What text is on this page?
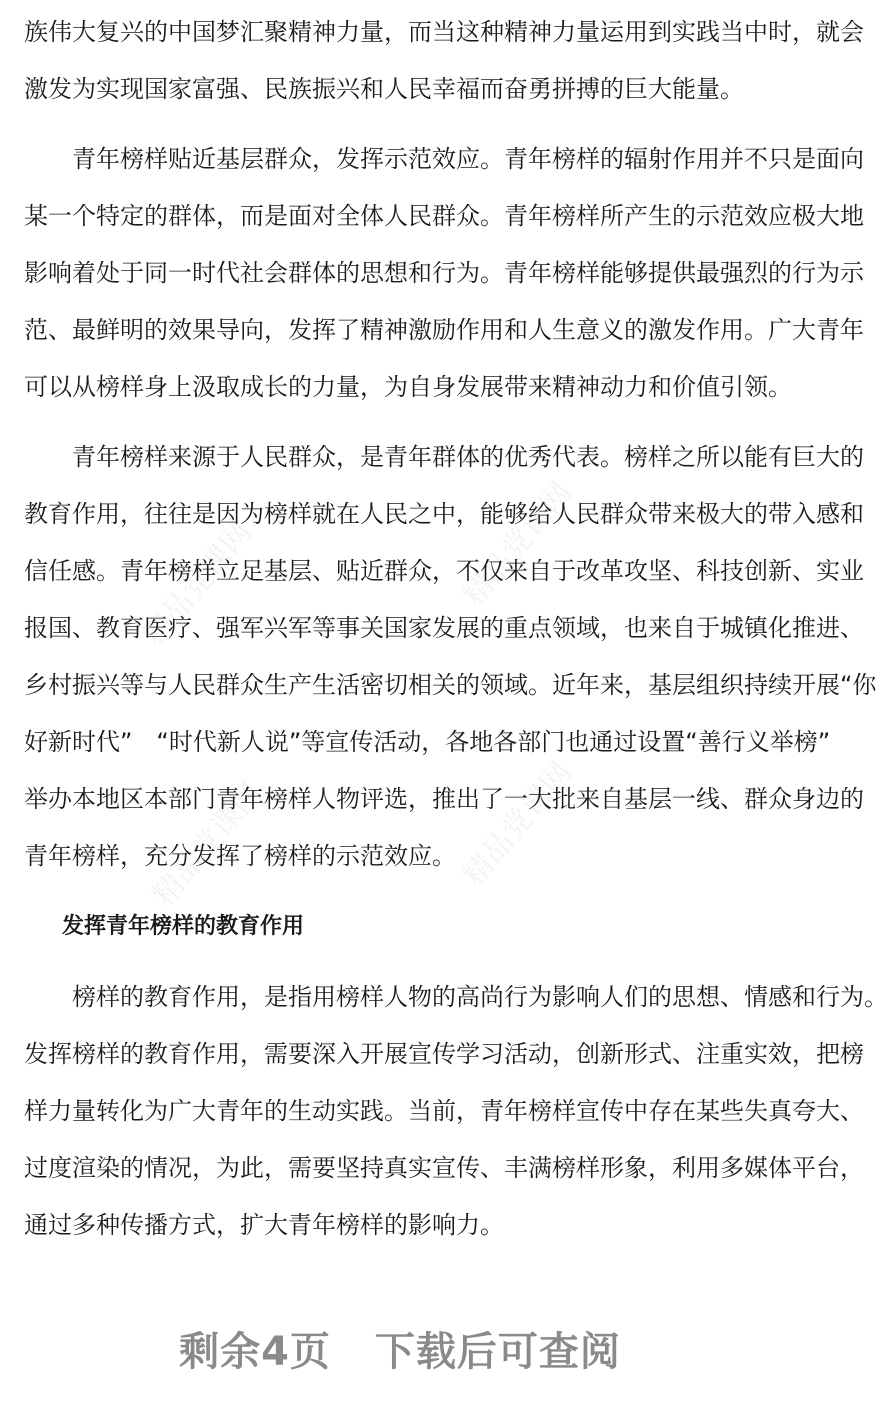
精品党课网	精品党课网
精品党课网	精品党课网
族伟大复兴的中国梦汇聚精神力量，而当这种精神力量运用到实践当中时，就会
激发为实现国家富强、民族振兴和人民幸福而奋勇拼搏的巨大能量。
青年榜样贴近基层群众，发挥示范效应。青年榜样的辐射作用并不只是面向
某一个特定的群体，而是面对全体人民群众。青年榜样所产生的示范效应极大地
影响着处于同一时代社会群体的思想和行为。青年榜样能够提供最强烈的行为示
范、最鲜明的效果导向，发挥了精神激励作用和人生意义的激发作用。广大青年
可以从榜样身上汲取成长的力量，为自身发展带来精神动力和价值引领。
青年榜样来源于人民群众，是青年群体的优秀代表。榜样之所以能有巨大的
教育作用，往往是因为榜样就在人民之中，能够给人民群众带来极大的带入感和
信任感。青年榜样立足基层、贴近群众，不仅来自于改革攻坚、科技创新、实业
报国、教育医疗、强军兴军等事关国家发展的重点领域，也来自于城镇化推进、
乡村振兴等与人民群众生产生活密切相关的领域。近年来，基层组织持续开展“你
好新时代”　“时代新人说”等宣传活动，各地各部门也通过设置“善行义举榜”
举办本地区本部门青年榜样人物评选，推出了一大批来自基层一线、群众身边的
青年榜样，充分发挥了榜样的示范效应。
发挥青年榜样的教育作用
榜样的教育作用，是指用榜样人物的高尚行为影响人们的思想、情感和行为。
发挥榜样的教育作用，需要深入开展宣传学习活动，创新形式、注重实效，把榜
样力量转化为广大青年的生动实践。当前，青年榜样宣传中存在某些失真夸大、
过度渲染的情况，为此，需要坚持真实宣传、丰满榜样形象，利用多媒体平台，
通过多种传播方式，扩大青年榜样的影响力。
剩余4页 下载后可查阅
